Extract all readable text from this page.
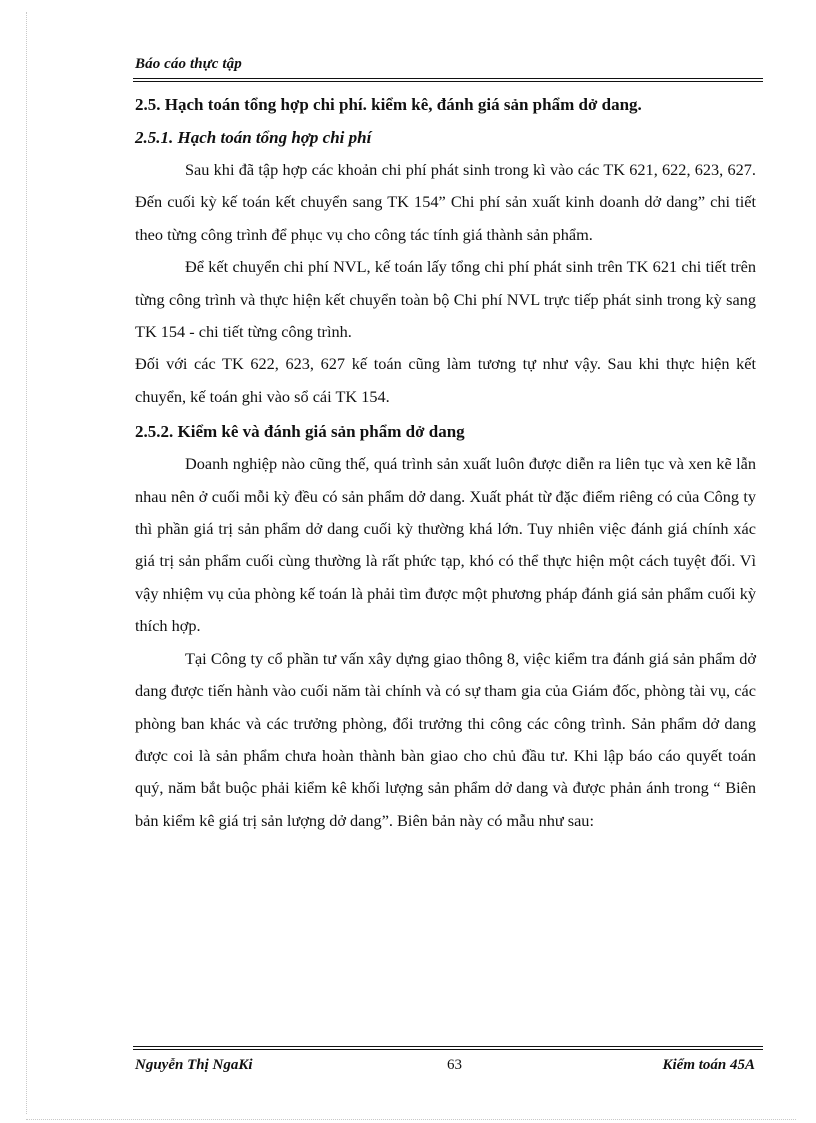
Báo cáo thực tập

2.5. Hạch toán tổng hợp chi phí. kiểm kê, đánh giá sản phẩm dở dang.

2.5.1. Hạch toán tổng hợp chi phí

Sau khi đã tập hợp các khoản chi phí phát sinh trong kì vào các TK 621, 622, 623, 627. Đến cuối kỳ kế toán kết chuyển sang TK 154” Chi phí sản xuất kinh doanh dở dang” chi tiết theo từng công trình để phục vụ cho công tác tính giá thành sản phẩm.

Để kết chuyển chi phí NVL, kế toán lấy tổng chi phí phát sinh trên TK 621 chi tiết trên từng công trình và thực hiện kết chuyển toàn bộ Chi phí NVL trực tiếp phát sinh trong kỳ sang TK 154 - chi tiết từng công trình.

Đối với các TK 622, 623, 627 kế toán cũng làm tương tự như vậy. Sau khi thực hiện kết chuyển, kế toán ghi vào sổ cái TK 154.

2.5.2. Kiểm kê và đánh giá sản phẩm dở dang

Doanh nghiệp nào cũng thế, quá trình sản xuất luôn được diễn ra liên tục và xen kẽ lẫn nhau nên ở cuối mỗi kỳ đều có sản phẩm dở dang. Xuất phát từ đặc điểm riêng có của Công ty thì phần giá trị sản phẩm dở dang cuối kỳ thường khá lớn. Tuy nhiên việc đánh giá chính xác giá trị sản phẩm cuối cùng thường là rất phức tạp, khó có thể thực hiện một cách tuyệt đối. Vì vậy nhiệm vụ của phòng kế toán là phải tìm được một phương pháp đánh giá sản phẩm cuối kỳ thích hợp.

Tại Công ty cổ phần tư vấn xây dựng giao thông 8, việc kiểm tra đánh giá sản phẩm dở dang được tiến hành vào cuối năm tài chính và có sự tham gia của Giám đốc, phòng tài vụ, các phòng ban khác và các trưởng phòng, đổi trưởng thi công các công trình. Sản phẩm dở dang được coi là sản phẩm chưa hoàn thành bàn giao cho chủ đầu tư. Khi lập báo cáo quyết toán quý, năm bắt buộc phải kiểm kê khối lượng sản phẩm dở dang và được phản ánh trong “ Biên bản kiểm kê giá trị sản lượng dở dang”. Biên bản này có mẫu như sau:

Nguyễn Thị NgaKi	63	Kiểm toán 45A
